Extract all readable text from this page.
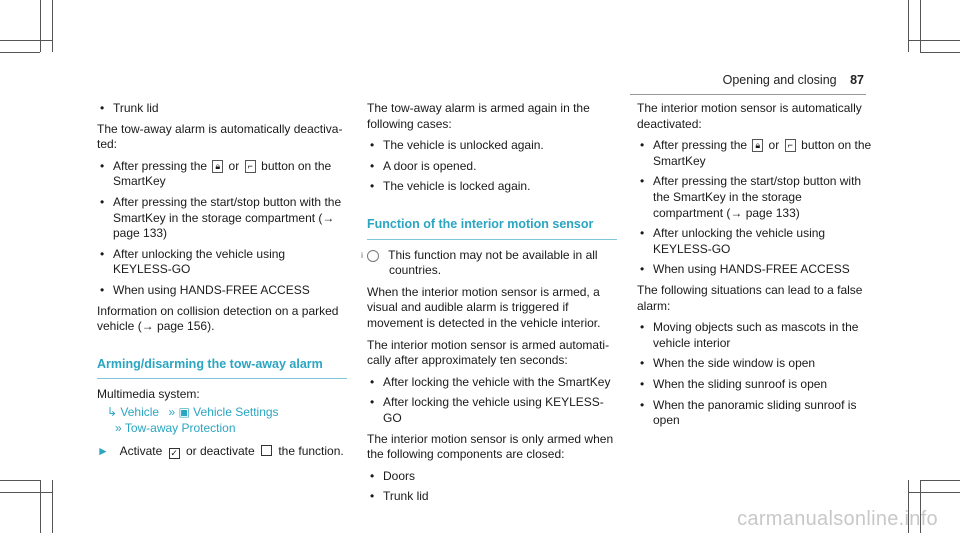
Opening and closing 87
• Trunk lid

The tow-away alarm is automatically deactivated:

• After pressing the 🔒︎ or ⌐ button on the SmartKey
• After pressing the start/stop button with the SmartKey in the storage compartment (→ page 133)
• After unlocking the vehicle using KEYLESS-GO
• When using HANDS-FREE ACCESS

Information on collision detection on a parked vehicle (→ page 156).

Arming/disarming the tow-away alarm

Multimedia system:

↳ Vehicle » ▣ Vehicle Settings
» Tow-away Protection
► Activate ✓ or deactivate the function.

The tow-away alarm is armed again in the following cases:

• The vehicle is unlocked again.
• A door is opened.
• The vehicle is locked again.
Function of the interior motion sensor

i This function may not be available in all countries.

When the interior motion sensor is armed, a visual and audible alarm is triggered if movement is detected in the vehicle interior.

The interior motion sensor is armed automatically after approximately ten seconds:

• After locking the vehicle with the SmartKey
• After locking the vehicle using KEYLESS-GO

The interior motion sensor is only armed when the following components are closed:

• Doors
• Trunk lid

The interior motion sensor is automatically deactivated:

• After pressing the 🔒︎ or ⌐ button on the SmartKey
• After pressing the start/stop button with the SmartKey in the storage compartment (→ page 133)
• After unlocking the vehicle using KEYLESS-GO
• When using HANDS-FREE ACCESS

The following situations can lead to a false alarm:

• Moving objects such as mascots in the vehicle interior
• When the side window is open
• When the sliding sunroof is open
• When the panoramic sliding sunroof is open
carmanualsonline.info
